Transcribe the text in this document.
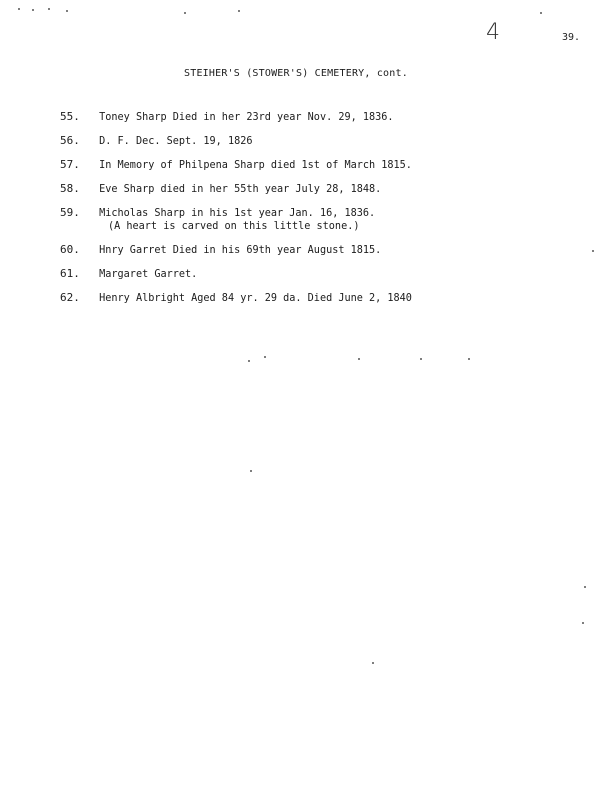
4	39.
STEIHER'S (STOWER'S) CEMETERY, cont.
55. Toney Sharp Died in her 23rd year Nov. 29, 1836.
56. D. F. Dec. Sept. 19, 1826
57. In Memory of Philpena Sharp died 1st of March 1815.
58. Eve Sharp died in her 55th year July 28, 1848.
59. Micholas Sharp in his 1st year Jan. 16, 1836.
(A heart is carved on this little stone.)
60. Hnry Garret Died in his 69th year August 1815.
61. Margaret Garret.
62. Henry Albright Aged 84 yr. 29 da. Died June 2, 1840
